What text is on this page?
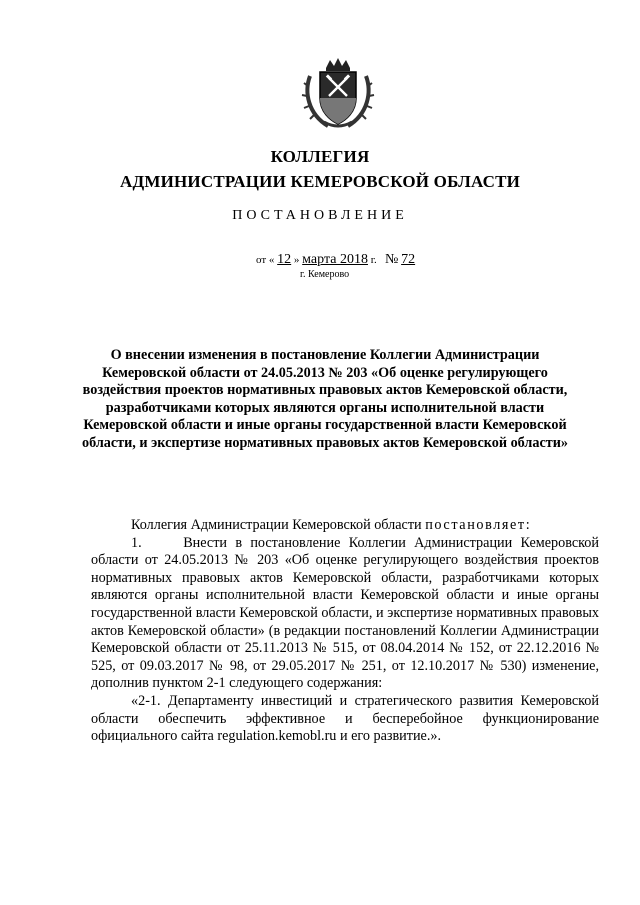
КОЛЛЕГИЯ
АДМИНИСТРАЦИИ КЕМЕРОВСКОЙ ОБЛАСТИ
ПОСТАНОВЛЕНИЕ
от « 12 » марта 2018 г. № 72
г. Кемерово
О внесении изменения в постановление Коллегии Администрации Кемеровской области от 24.05.2013 № 203 «Об оценке регулирующего воздействия проектов нормативных правовых актов Кемеровской области, разработчиками которых являются органы исполнительной власти Кемеровской области и иные органы государственной власти Кемеровской области, и экспертизе нормативных правовых актов Кемеровской области»

Коллегия Администрации Кемеровской области постановляет:

1.     Внести в постановление Коллегии Администрации Кемеровской области от 24.05.2013 № 203 «Об оценке регулирующего воздействия проектов нормативных правовых актов Кемеровской области, разработчиками которых являются органы исполнительной власти Кемеровской области и иные органы государственной власти Кемеровской области, и экспертизе нормативных правовых актов Кемеровской области» (в редакции постановлений Коллегии Администрации Кемеровской области от 25.11.2013 № 515, от 08.04.2014 № 152, от 22.12.2016 № 525, от 09.03.2017 № 98, от 29.05.2017 № 251, от 12.10.2017 № 530) изменение, дополнив пунктом 2-1 следующего содержания:

«2-1. Департаменту инвестиций и стратегического развития Кемеровской области обеспечить эффективное и бесперебойное функционирование официального сайта regulation.kemobl.ru и его развитие.».
